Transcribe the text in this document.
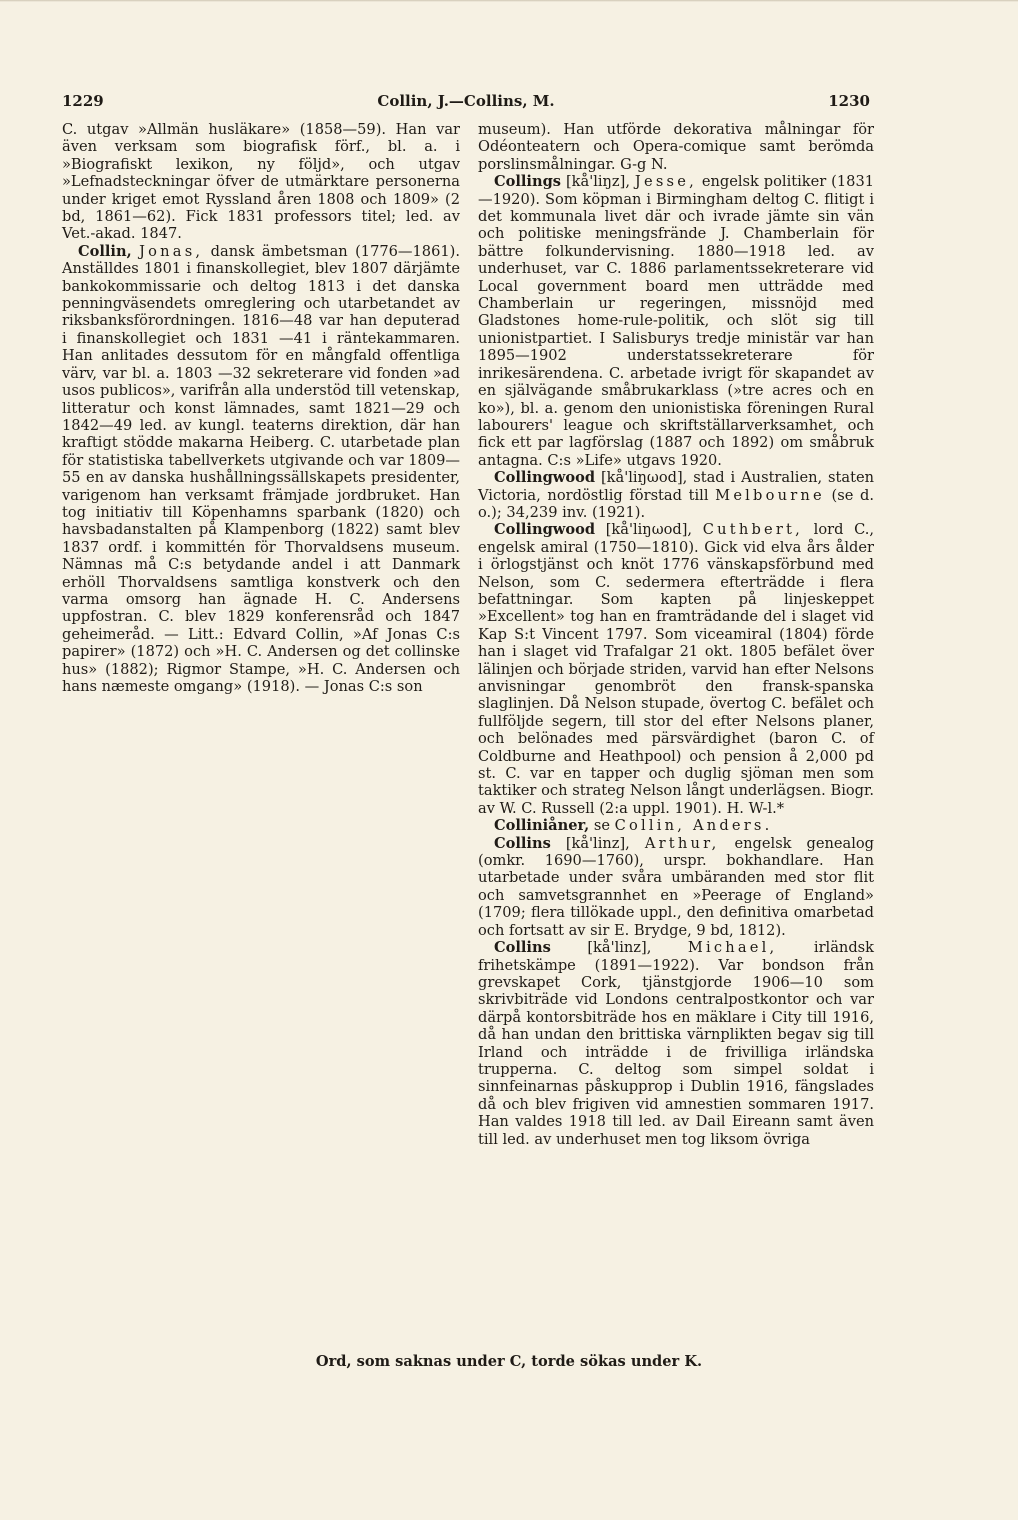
1229	Collin, J.—Collins, M.	1230

C. utgav »Allmän husläkare» (1858—59). Han var även verksam som biografisk förf., bl. a. i »Biografiskt lexikon, ny följd», och utgav »Lefnadsteckningar öfver de utmärktare personerna under kriget emot Ryssland åren 1808 och 1809» (2 bd, 1861—62). Fick 1831 professors titel; led. av Vet.-akad. 1847.

Collin, Jonas, dansk ämbetsman (1776—1861). Anställdes 1801 i finanskollegiet, blev 1807 därjämte bankokommissarie och deltog 1813 i det danska penningväsendets omreglering och utarbetandet av riksbanksförordningen. 1816—48 var han deputerad i finanskollegiet och 1831 —41 i räntekammaren. Han anlitades dessutom för en mångfald offentliga värv, var bl. a. 1803 —32 sekreterare vid fonden »ad usos publicos», varifrån alla understöd till vetenskap, litteratur och konst lämnades, samt 1821—29 och 1842—49 led. av kungl. teaterns direktion, där han kraftigt stödde makarna Heiberg. C. utarbetade plan för statistiska tabellverkets utgivande och var 1809—55 en av danska hushållningssällskapets presidenter, varigenom han verksamt främjade jordbruket. Han tog initiativ till Köpenhamns sparbank (1820) och havsbadanstalten på Klampenborg (1822) samt blev 1837 ordf. i kommittén för Thorvaldsens museum. Nämnas må C:s betydande andel i att Danmark erhöll Thorvaldsens samtliga konstverk och den varma omsorg han ägnade H. C. Andersens uppfostran. C. blev 1829 konferensråd och 1847 geheimeråd. — Litt.: Edvard Collin, »Af Jonas C:s papirer» (1872) och »H. C. Andersen og det collinske hus» (1882); Rigmor Stampe, »H. C. Andersen och hans næmeste omgang» (1918). — Jonas C:s son

museum). Han utförde dekorativa målningar för Odéonteatern och Opera-comique samt berömda porslinsmålningar. G-g N.

Collings [kå'liŋz], Jesse, engelsk politiker (1831—1920). Som köpman i Birmingham deltog C. flitigt i det kommunala livet där och ivrade jämte sin vän och politiske meningsfrände J. Chamberlain för bättre folkundervisning. 1880—1918 led. av underhuset, var C. 1886 parlamentssekreterare vid Local government board men utträdde med Chamberlain ur regeringen, missnöjd med Gladstones home-rule-politik, och slöt sig till unionistpartiet. I Salisburys tredje ministär var han 1895—1902 understatssekreterare för inrikesärendena. C. arbetade ivrigt för skapandet av en självägande småbrukarklass (»tre acres och en ko»), bl. a. genom den unionistiska föreningen Rural labourers' league och skriftställarverksamhet, och fick ett par lagförslag (1887 och 1892) om småbruk antagna. C:s »Life» utgavs 1920.

Collingwood [kå'liŋωod], stad i Australien, staten Victoria, nordöstlig förstad till Melbourne (se d. o.); 34,239 inv. (1921).

Collingwood [kå'liŋωod], Cuthbert, lord C., engelsk amiral (1750—1810). Gick vid elva års ålder i örlogstjänst och knöt 1776 vänskapsförbund med Nelson, som C. sedermera efterträdde i flera befattningar. Som kapten på linjeskeppet »Excellent» tog han en framträdande del i slaget vid Kap S:t Vincent 1797. Som viceamiral (1804) förde han i slaget vid Trafalgar 21 okt. 1805 befälet över lälinjen och började striden, varvid han efter Nelsons anvisningar genombröt den fransk-spanska slaglinjen. Då Nelson stupade, övertog C. befälet och fullföljde segern, till stor del efter Nelsons planer, och belönades med pärsvärdighet (baron C. of Coldburne and Heathpool) och pension å 2,000 pd st. C. var en tapper och duglig sjöman men som taktiker och strateg Nelson långt underlägsen. Biogr. av W. C. Russell (2:a uppl. 1901). H. W-l.*

Colliniåner, se Collin, Anders.

Collins [kå'linz], Arthur, engelsk genealog (omkr. 1690—1760), urspr. bokhandlare. Han utarbetade under svåra umbäranden med stor flit och samvetsgrannhet en »Peerage of England» (1709; flera tillökade uppl., den definitiva omarbetad och fortsatt av sir E. Brydge, 9 bd, 1812).

Collins	[kå'linz],	Michael,	irländsk frihetskämpe (1891—1922). Var bondson från grevskapet Cork, tjänstgjorde 1906—10 som skrivbiträde vid Londons centralpostkontor och var därpå kontorsbiträde hos en mäklare i City till 1916, då han undan den brittiska värnplikten begav sig till Irland och inträdde i de frivilliga irländska trupperna. C. deltog som simpel soldat i sinnfeinarnas påskupprор i Dublin 1916, fängslades då och blev frigiven vid amnestien sommaren 1917. Han valdes 1918 till led. av Dail Eireann samt även till led. av underhuset men tog liksom övriga

Ord, som saknas under C, torde sökas under K.
